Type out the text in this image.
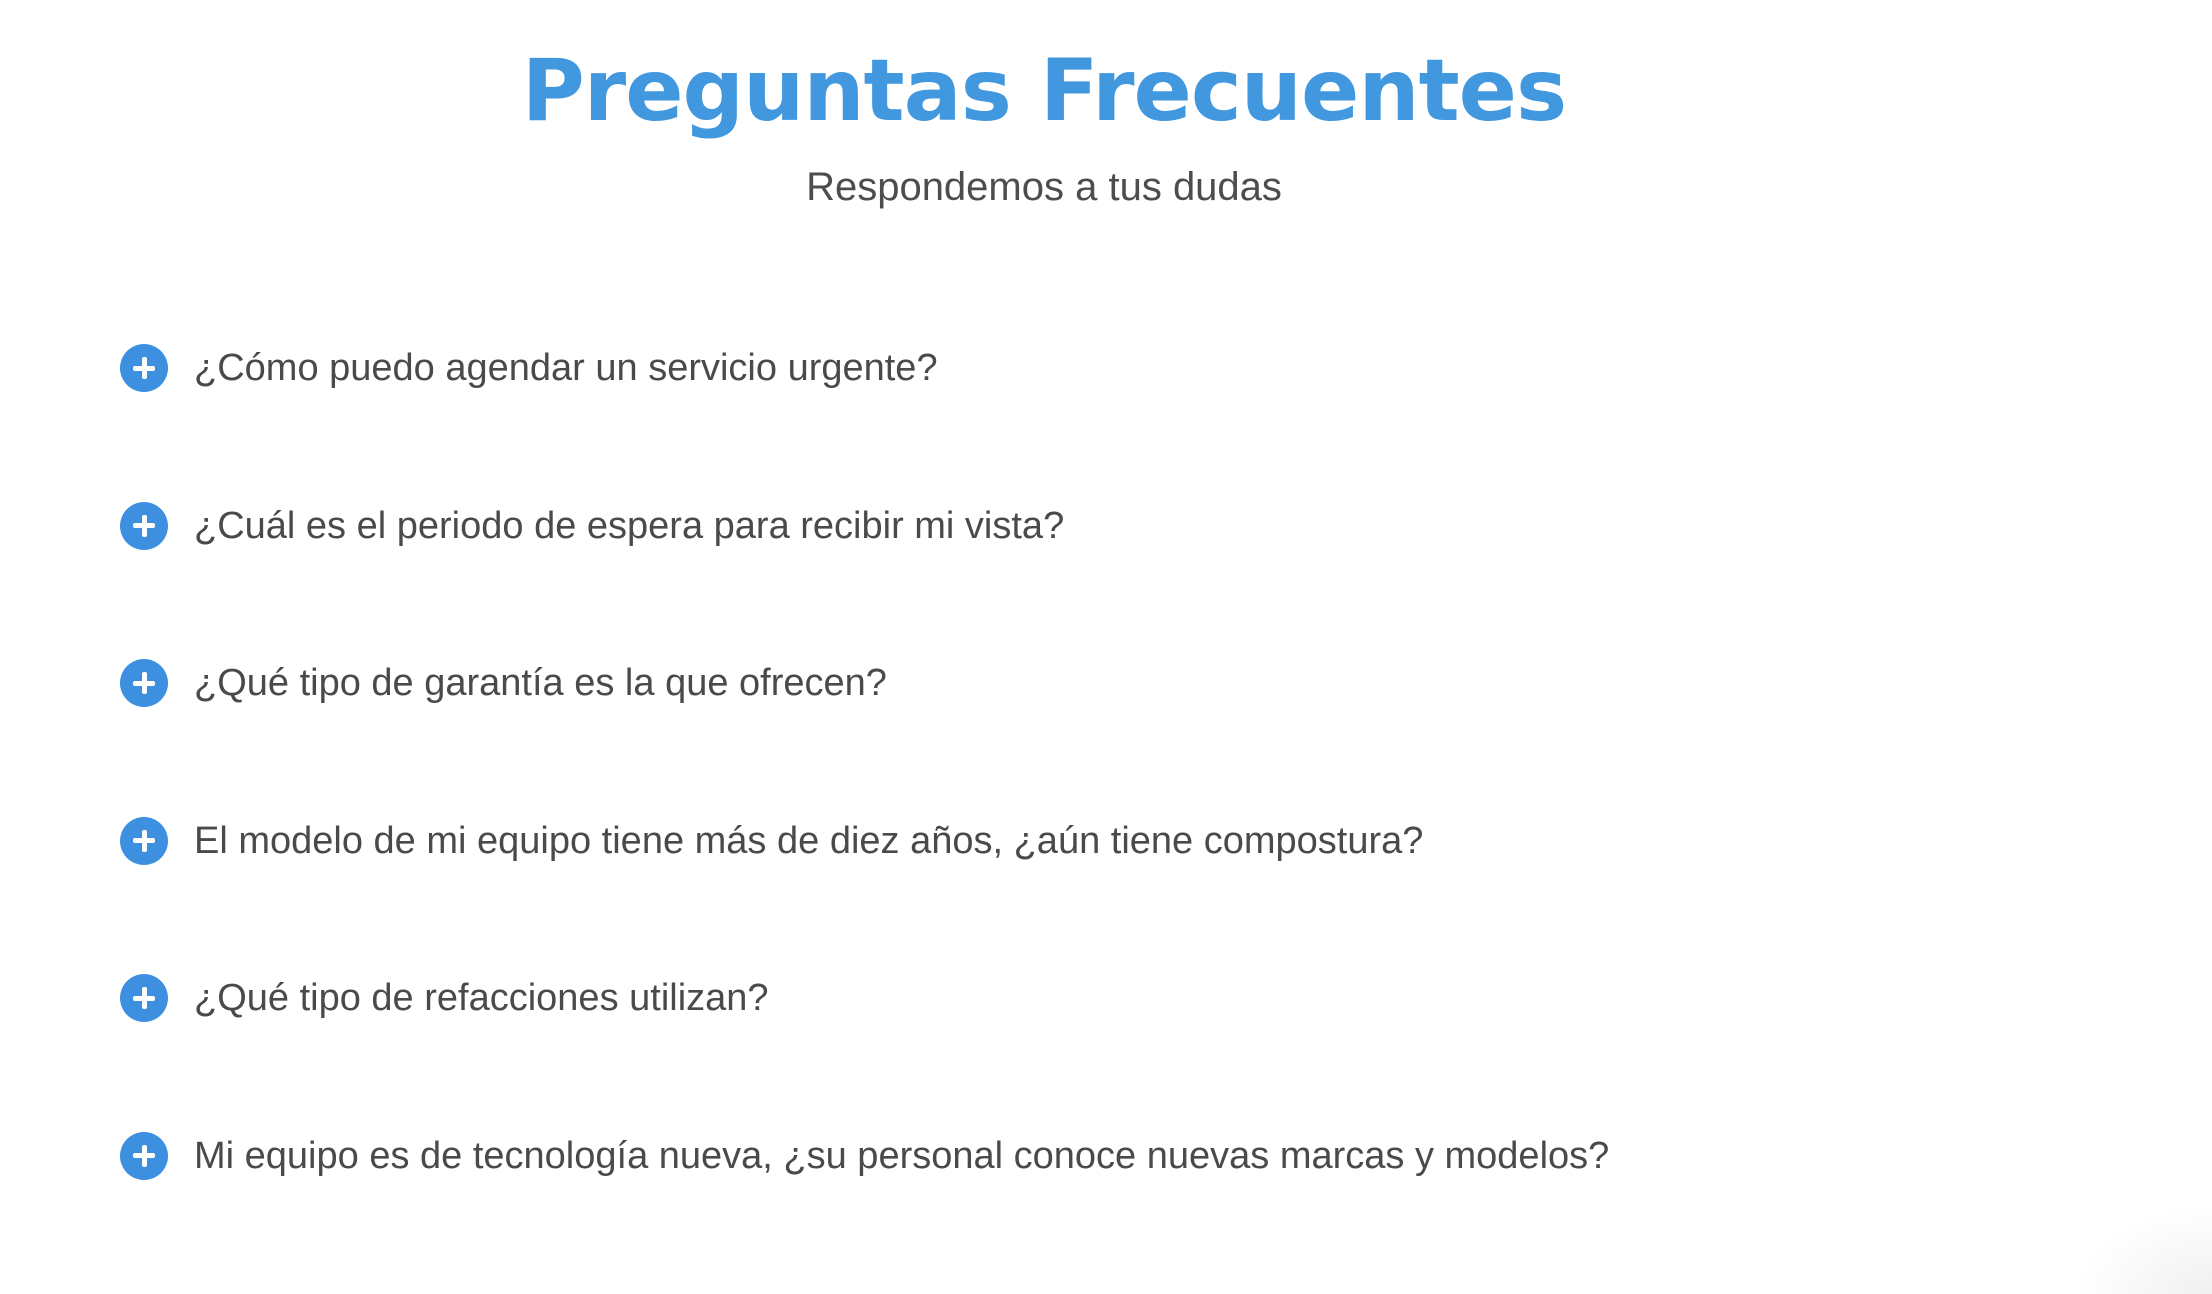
Preguntas Frecuentes

Respondemos a tus dudas

¿Cómo puedo agendar un servicio urgente?
¿Cuál es el periodo de espera para recibir mi vista?
¿Qué tipo de garantía es la que ofrecen?
El modelo de mi equipo tiene más de diez años, ¿aún tiene compostura?
¿Qué tipo de refacciones utilizan?
Mi equipo es de tecnología nueva, ¿su personal conoce nuevas marcas y modelos?
